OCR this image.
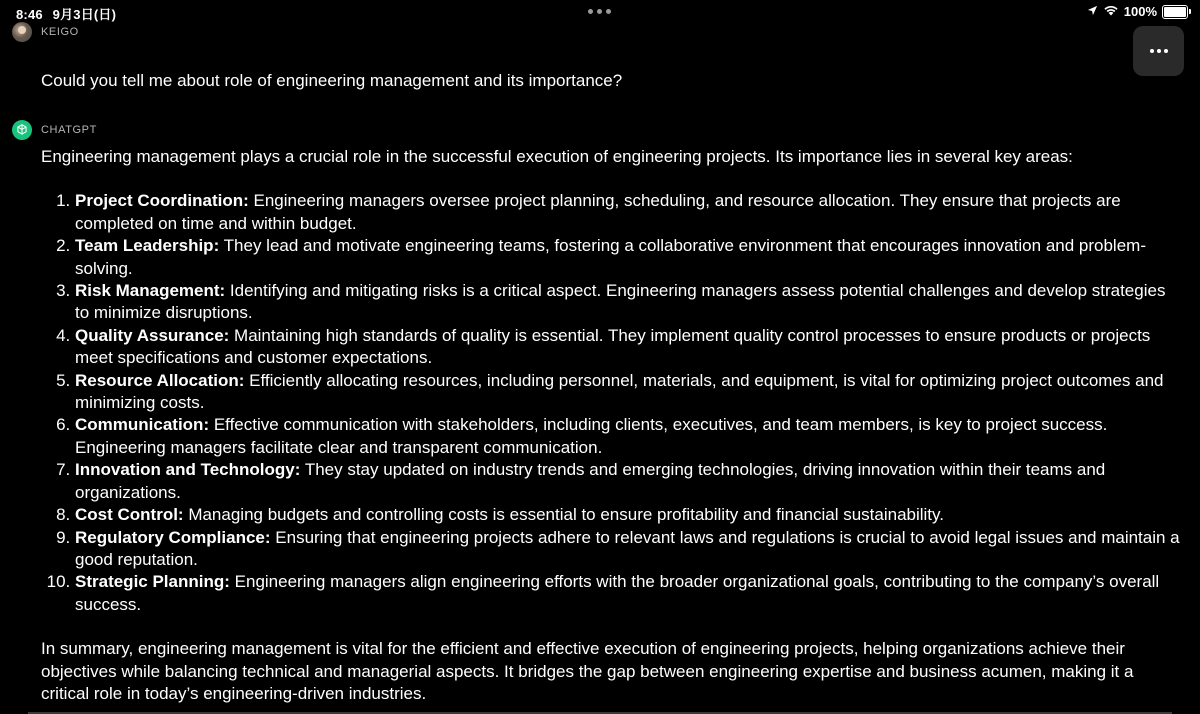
8:46 9月3日(日)	100%
KEIGO
Could you tell me about role of engineering management and its importance?
CHATGPT

Engineering management plays a crucial role in the successful execution of engineering projects. Its importance lies in several key areas:

1. Project Coordination: Engineering managers oversee project planning, scheduling, and resource allocation. They ensure that projects are completed on time and within budget.
2. Team Leadership: They lead and motivate engineering teams, fostering a collaborative environment that encourages innovation and problem-solving.
3. Risk Management: Identifying and mitigating risks is a critical aspect. Engineering managers assess potential challenges and develop strategies to minimize disruptions.
4. Quality Assurance: Maintaining high standards of quality is essential. They implement quality control processes to ensure products or projects meet specifications and customer expectations.
5. Resource Allocation: Efficiently allocating resources, including personnel, materials, and equipment, is vital for optimizing project outcomes and minimizing costs.
6. Communication: Effective communication with stakeholders, including clients, executives, and team members, is key to project success. Engineering managers facilitate clear and transparent communication.
7. Innovation and Technology: They stay updated on industry trends and emerging technologies, driving innovation within their teams and organizations.
8. Cost Control: Managing budgets and controlling costs is essential to ensure profitability and financial sustainability.
9. Regulatory Compliance: Ensuring that engineering projects adhere to relevant laws and regulations is crucial to avoid legal issues and maintain a good reputation.
10. Strategic Planning: Engineering managers align engineering efforts with the broader organizational goals, contributing to the company’s overall success.

In summary, engineering management is vital for the efficient and effective execution of engineering projects, helping organizations achieve their objectives while balancing technical and managerial aspects. It bridges the gap between engineering expertise and business acumen, making it a critical role in today’s engineering-driven industries.
